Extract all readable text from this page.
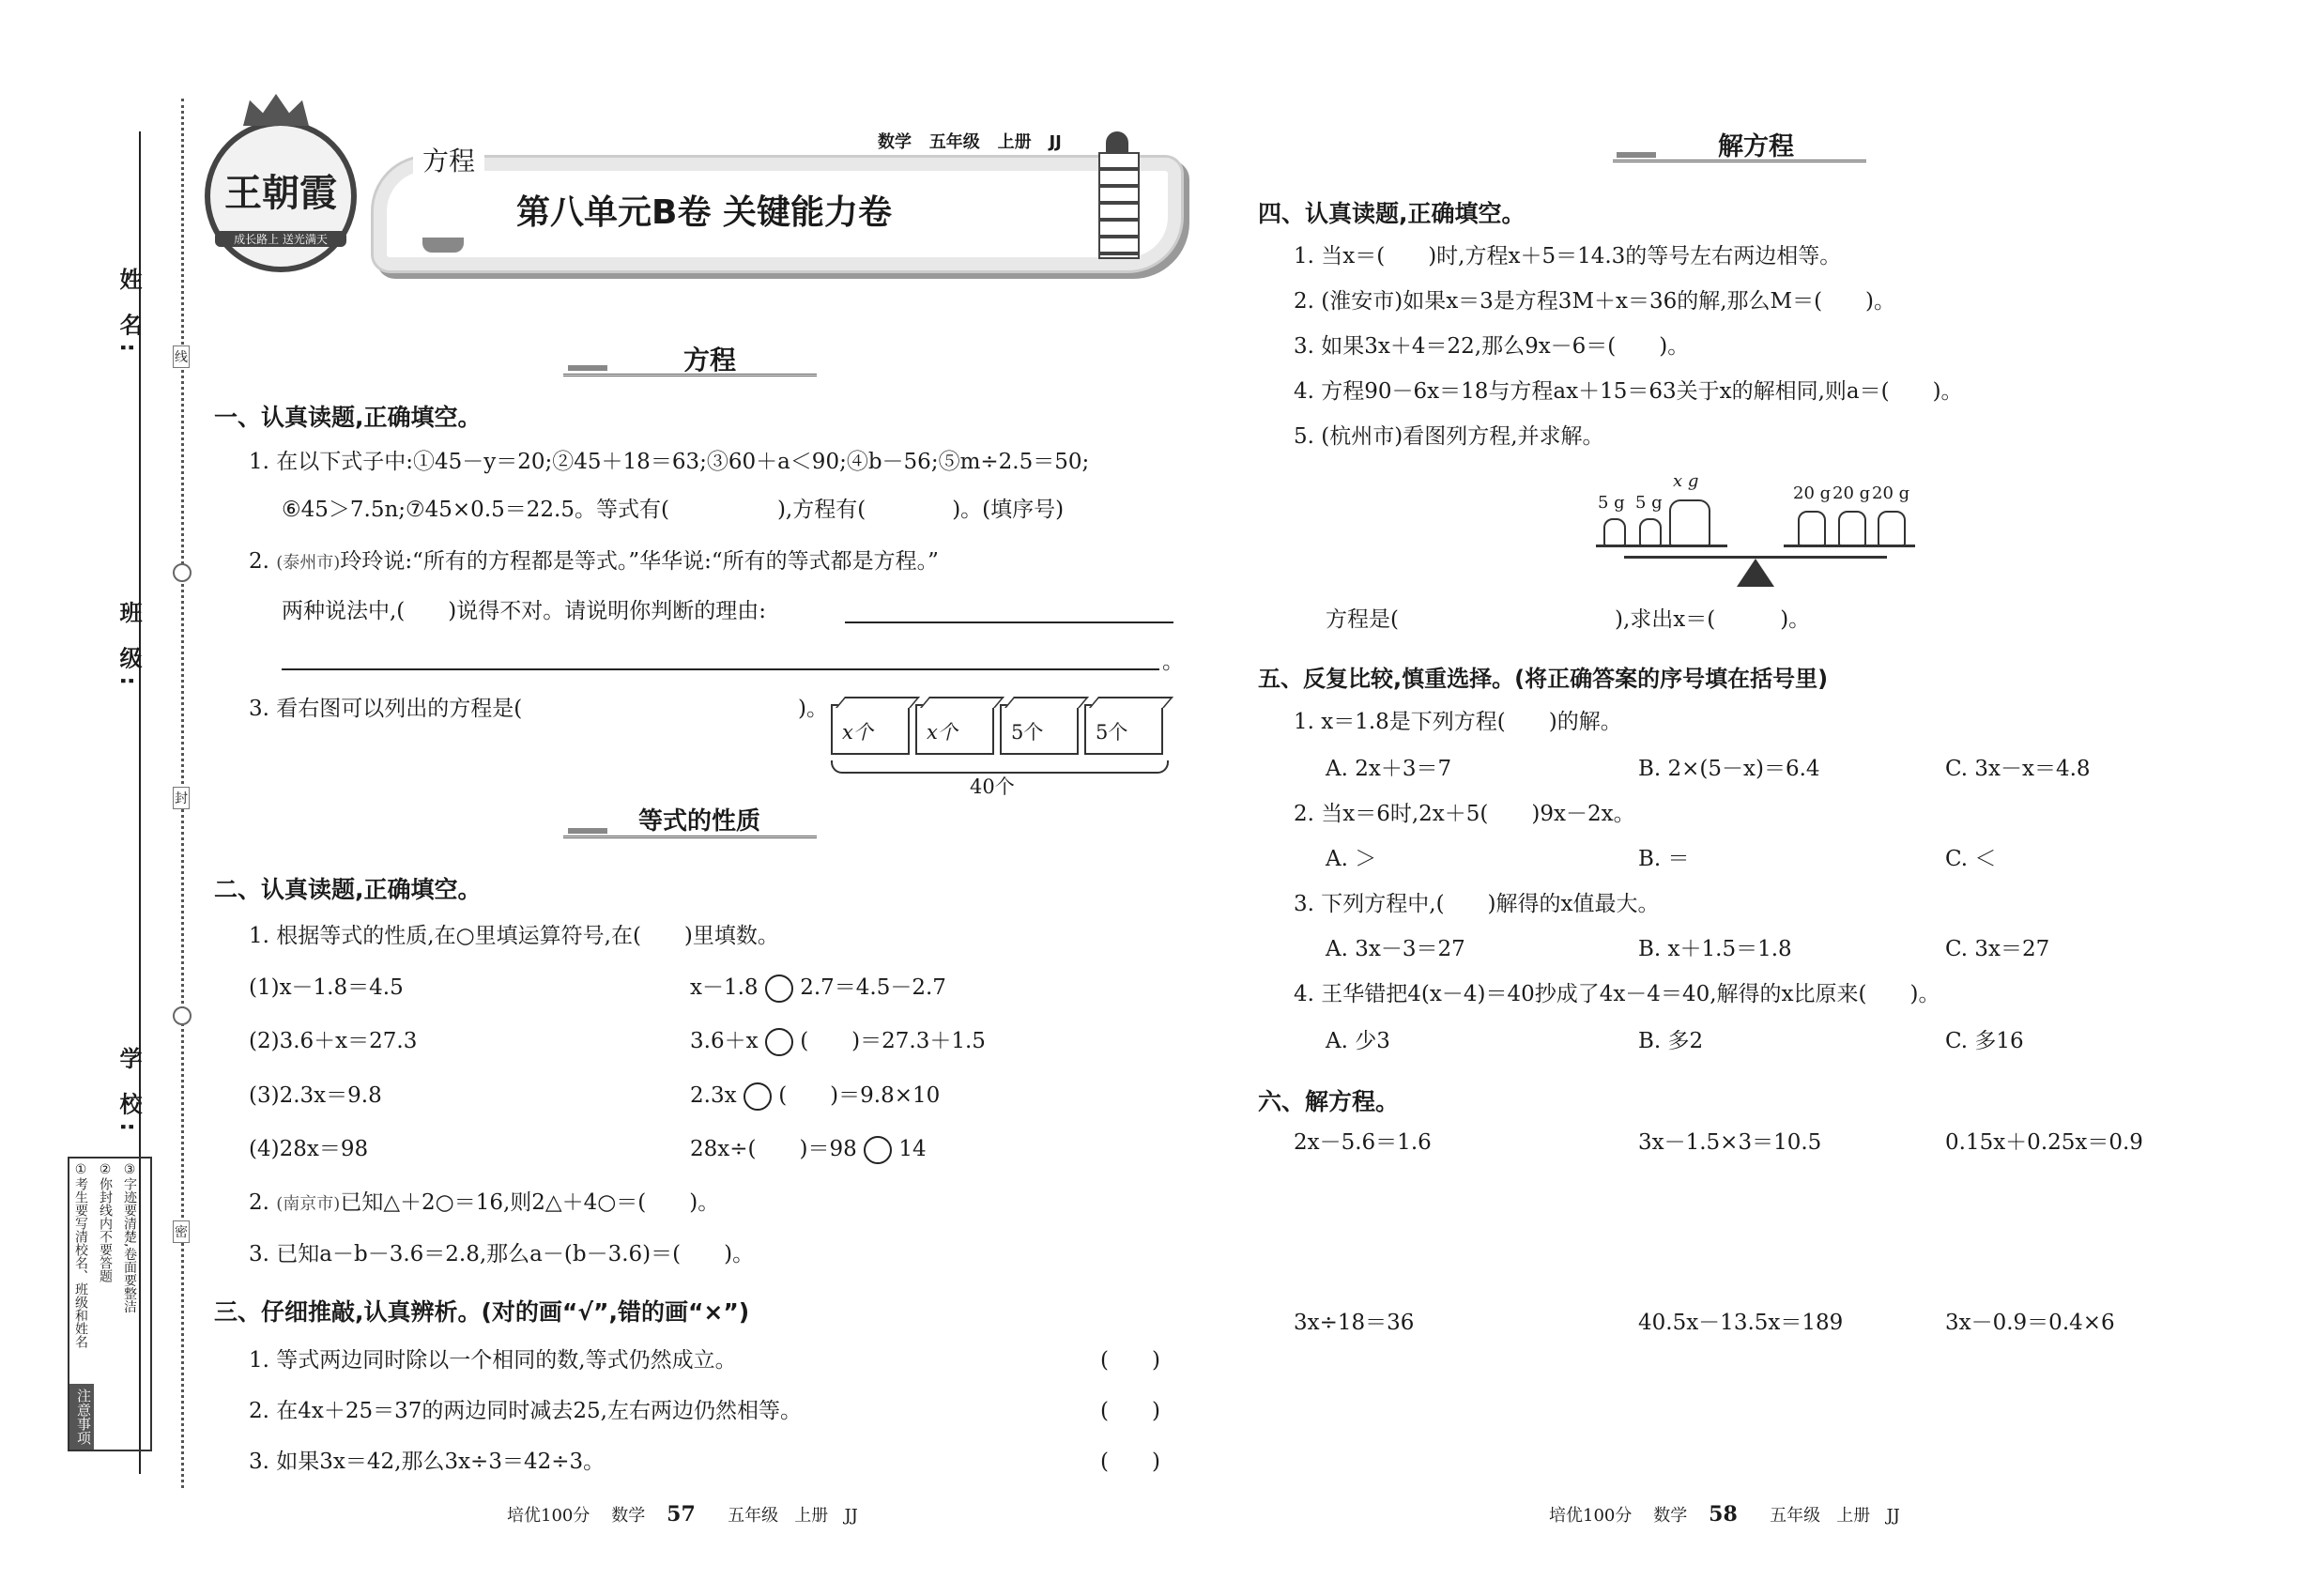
姓 名:
班 级:
学 校:
线
封
密
注意事项
①考生要写清校名、班级和姓名 ②你封线内不要答题 ③字迹要清楚,卷面要整洁
王朝霞
成长路上 送光满天
方程
数学 五年级 上册 JJ
第八单元B卷 关键能力卷
方程
一、认真读题,正确填空。
1. 在以下式子中:①45－y＝20;②45＋18＝63;③60＋a＜90;④b－56;⑤m÷2.5＝50;
⑥45＞7.5n;⑦45×0.5＝22.5。等式有(　　　　　),方程有(　　　　)。(填序号)
2. (泰州市)玲玲说:“所有的方程都是等式。”华华说:“所有的等式都是方程。”
两种说法中,(　　)说得不对。请说明你判断的理由:
。
3. 看右图可以列出的方程是(	)。
x个	x个	5个	5个
40个
等式的性质
二、认真读题,正确填空。
1. 根据等式的性质,在○里填运算符号,在(　　)里填数。
(1)x－1.8＝4.5	x－1.8 2.7＝4.5－2.7
(2)3.6＋x＝27.3	3.6＋x (　　)＝27.3＋1.5
(3)2.3x＝9.8	2.3x (　　)＝9.8×10
(4)28x＝98	28x÷(　　)＝98 14
2. (南京市)已知△＋2○＝16,则2△＋4○＝(　　)。
3. 已知a－b－3.6＝2.8,那么a－(b－3.6)＝(　　)。
三、仔细推敲,认真辨析。(对的画“√”,错的画“×”)
1. 等式两边同时除以一个相同的数,等式仍然成立。	(　　)
2. 在4x＋25＝37的两边同时减去25,左右两边仍然相等。	(　　)
3. 如果3x＝42,那么3x÷3＝42÷3。	(　　)
培优100分 数学 57 五年级 上册 JJ
解方程
四、认真读题,正确填空。
1. 当x＝(　　)时,方程x＋5＝14.3的等号左右两边相等。
2. (淮安市)如果x＝3是方程3M＋x＝36的解,那么M＝(　　)。
3. 如果3x＋4＝22,那么9x－6＝(　　)。
4. 方程90－6x＝18与方程ax＋15＝63关于x的解相同,则a＝(　　)。
5. (杭州市)看图列方程,并求解。
5 g 5 g
x g
20 g 20 g 20 g
方程是(　　　　　　　　　　),求出x＝(　　　)。
五、反复比较,慎重选择。(将正确答案的序号填在括号里)
1. x＝1.8是下列方程(　　)的解。
A. 2x＋3＝7	B. 2×(5－x)＝6.4	C. 3x－x＝4.8
2. 当x＝6时,2x＋5(　　)9x－2x。
A. ＞	B. ＝	C. ＜
3. 下列方程中,(　　)解得的x值最大。
A. 3x－3＝27	B. x＋1.5＝1.8	C. 3x＝27
4. 王华错把4(x－4)＝40抄成了4x－4＝40,解得的x比原来(　　)。
A. 少3	B. 多2	C. 多16
六、解方程。
2x－5.6＝1.6	3x－1.5×3＝10.5	0.15x＋0.25x＝0.9
3x÷18＝36	40.5x－13.5x＝189	3x－0.9＝0.4×6
培优100分 数学 58 五年级 上册 JJ
